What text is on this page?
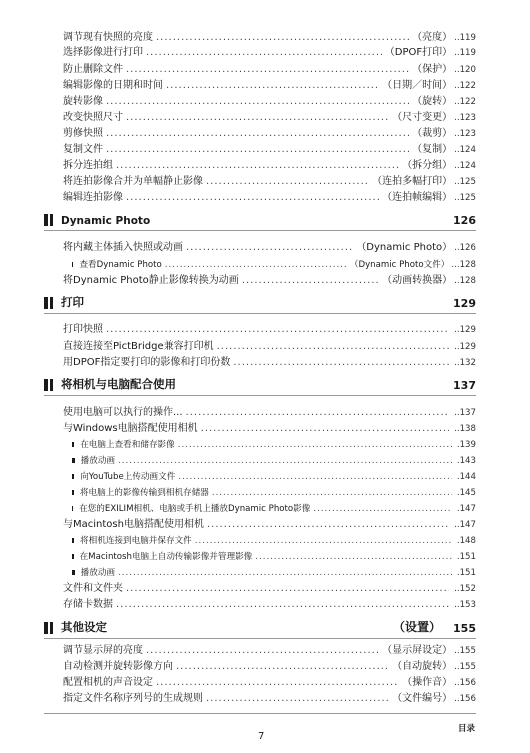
调节现有快照的亮度 .....	（亮度） ..119
选择影像进行打印 .....	（DPOF打印） ..119
防止删除文件 .....	（保护） ..120
编辑影像的日期和时间 .....	（日期／时间） ..122
旋转影像 .....	（旋转） ..122
改变快照尺寸 .....	（尺寸变更） ..123
剪修快照 .....	（裁剪） ..123
复制文件 .....	（复制） ..124
拆分连拍组 .....	（拆分组） ..124
将连拍影像合并为单幅静止影像 .....	（连拍多幅打印） ..125
编辑连拍影像 .....	（连拍帧编辑） ..125
Dynamic Photo	126
将内藏主体插入快照或动画 .....	（Dynamic Photo） ..126
查看Dynamic Photo .....	（Dynamic Photo文件） ...128
将Dynamic Photo静止影像转换为动画 .....	（动画转换器） ..128
打印	129
打印快照 .....	..129
直接连接至PictBridge兼容打印机 .....	..129
用DPOF指定要打印的影像和打印份数 .....	..132
将相机与电脑配合使用	137
使用电脑可以执行的操作... .....	..137
与Windows电脑搭配使用相机 .....	..138
在电脑上查看和储存影像 .....	.139
播放动画 .....	.143
向YouTube上传动画文件 .....	.144
将电脑上的影像传输到相机存储器 .....	.145
在您的EXILIM相机、电脑或手机上播放Dynamic Photo影像 .....	.147
与Macintosh电脑搭配使用相机 .....	..147
将相机连接到电脑并保存文件 .....	.148
在Macintosh电脑上自动传输影像并管理影像 .....	.151
播放动画 .....	.151
文件和文件夹 .....	..152
存储卡数据 .....	..153
其他设定	（设置） 155
调节显示屏的亮度 .....	（显示屏设定） ..155
自动检测并旋转影像方向 .....	（自动旋转） ..155
配置相机的声音设定 .....	（操作音） ..156
指定文件名称序列号的生成规则 .....	（文件编号） ..156
7
目录
